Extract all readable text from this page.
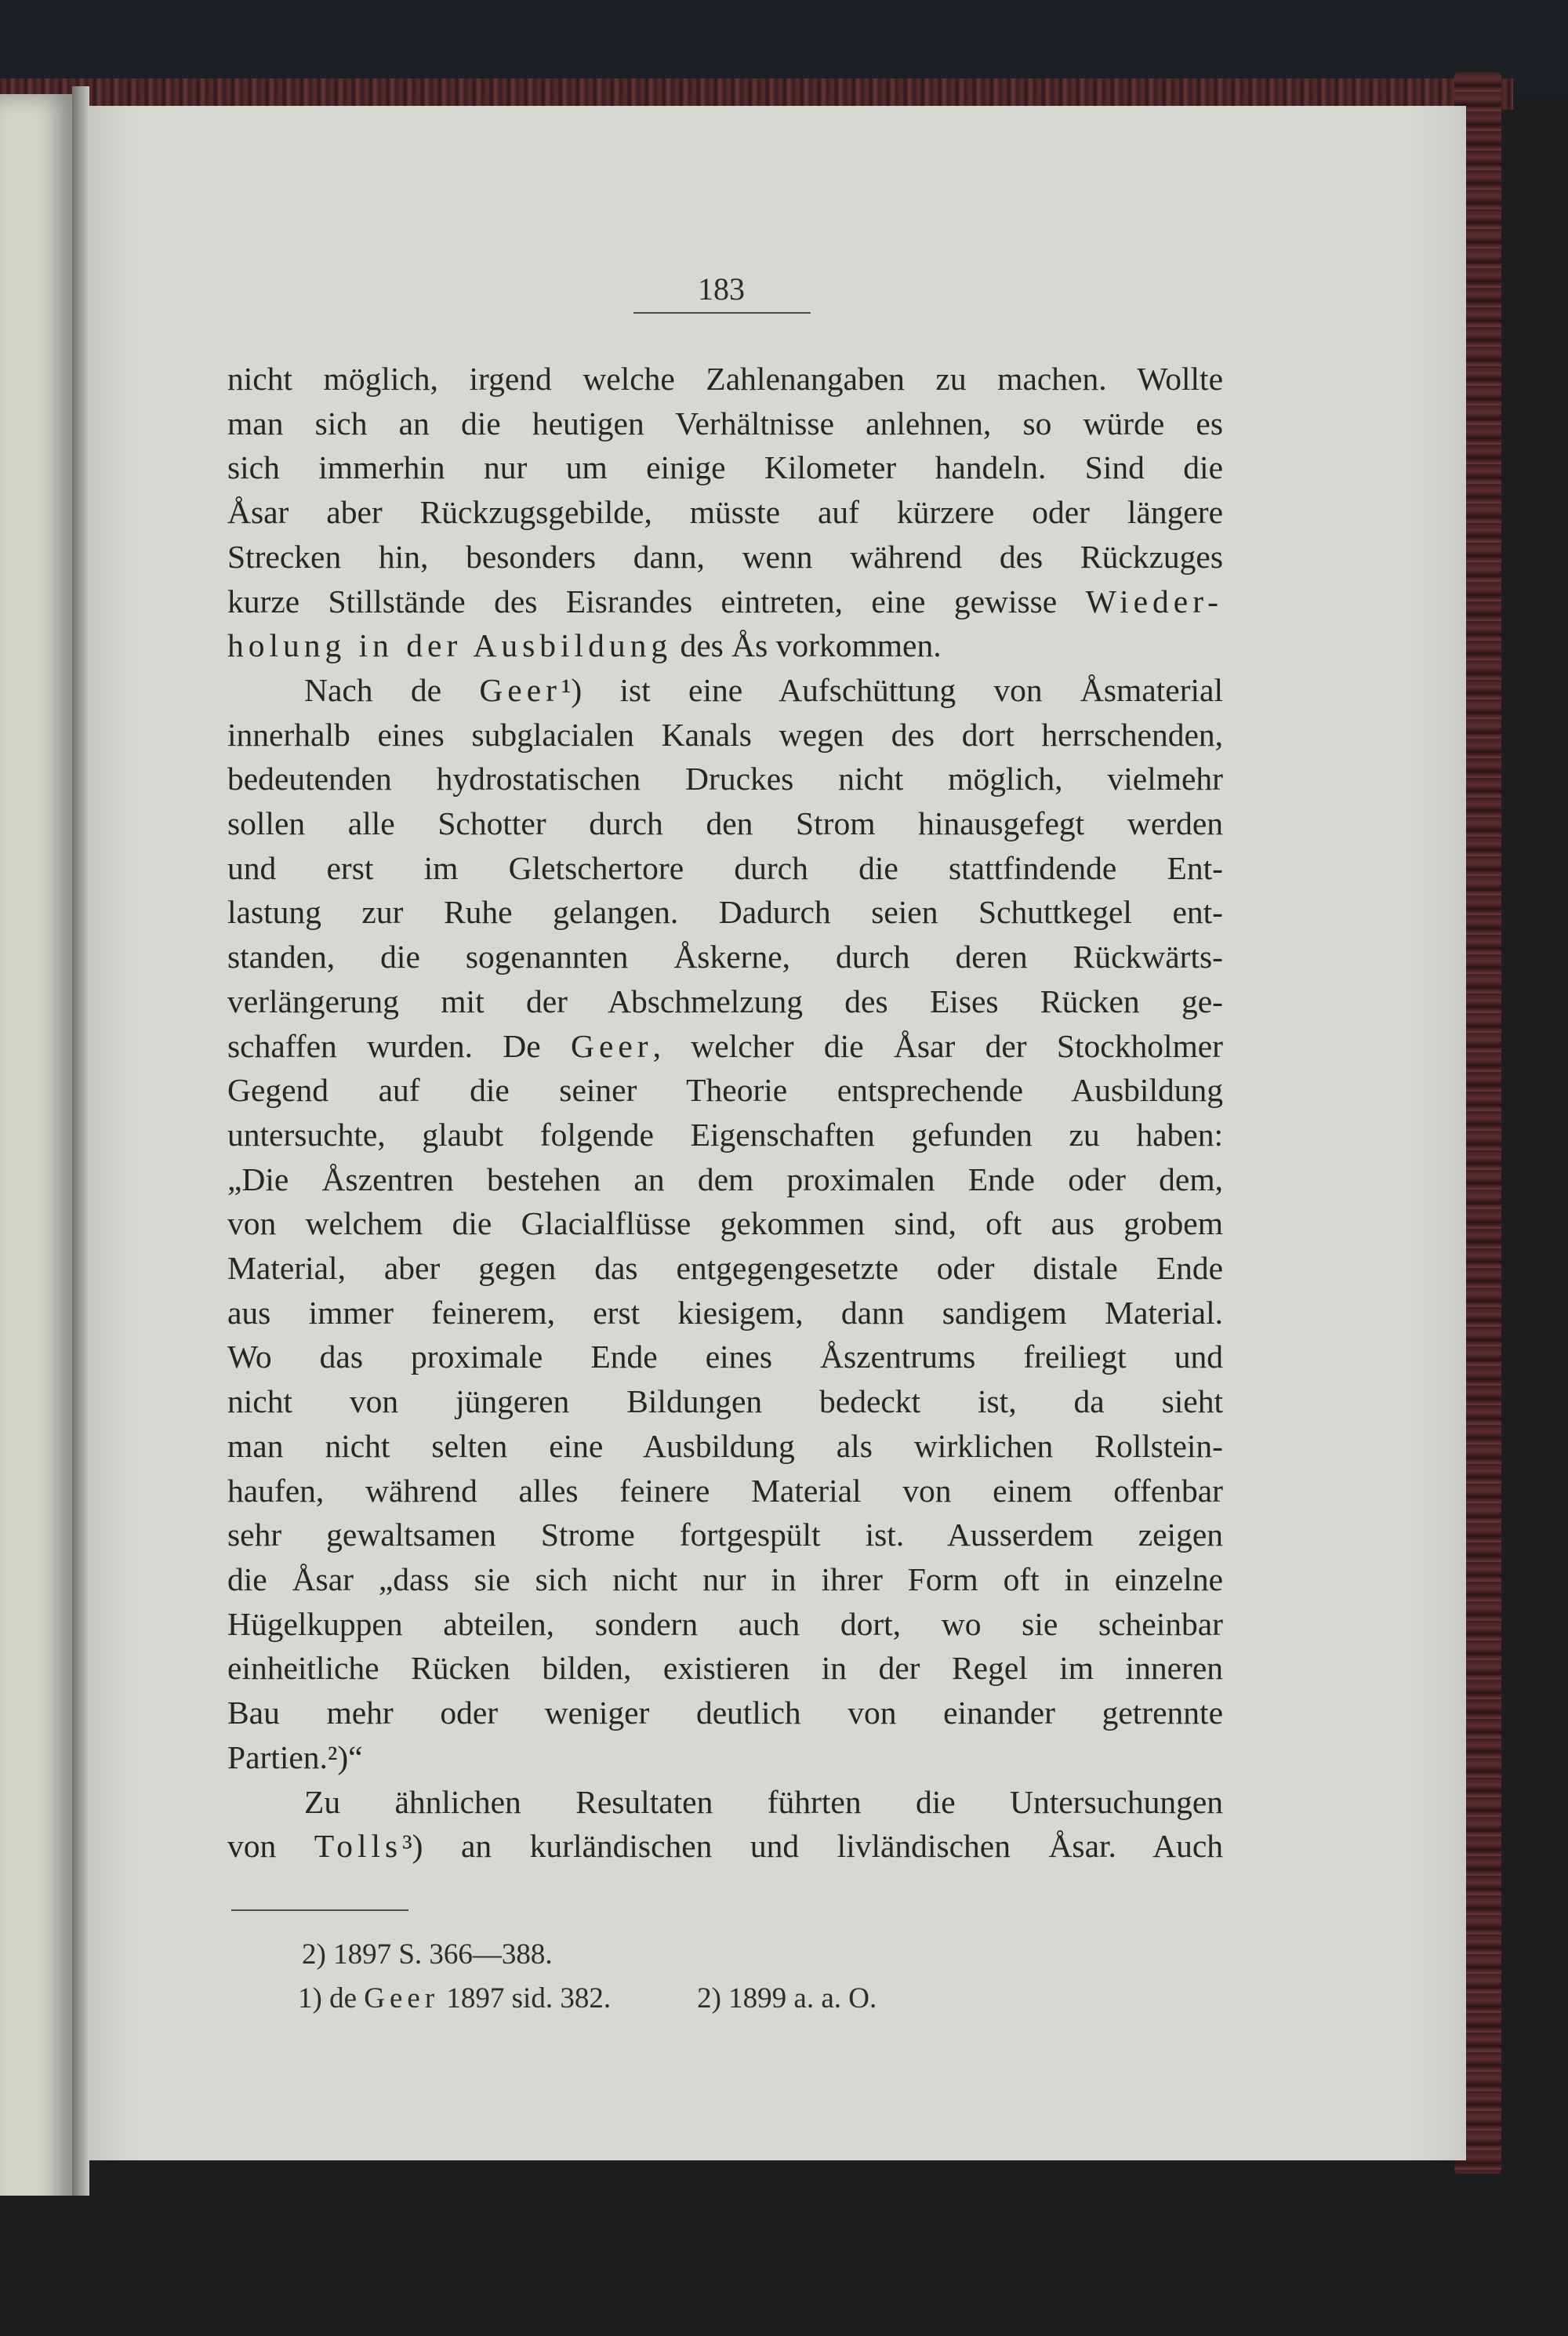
183
nicht möglich, irgend welche Zahlenangaben zu machen. Wollte
man sich an die heutigen Verhältnisse anlehnen, so würde es
sich immerhin nur um einige Kilometer handeln. Sind die
Åsar aber Rückzugsgebilde, müsste auf kürzere oder längere
Strecken hin, besonders dann, wenn während des Rückzuges
kurze Stillstände des Eisrandes eintreten, eine gewisse Wieder-
holung in der Ausbildung des Ås vorkommen.
Nach de Geer¹) ist eine Aufschüttung von Åsmaterial
innerhalb eines subglacialen Kanals wegen des dort herrschenden,
bedeutenden hydrostatischen Druckes nicht möglich, vielmehr
sollen alle Schotter durch den Strom hinausgefegt werden
und erst im Gletschertore durch die stattfindende Ent-
lastung zur Ruhe gelangen. Dadurch seien Schuttkegel ent-
standen, die sogenannten Åskerne, durch deren Rückwärts-
verlängerung mit der Abschmelzung des Eises Rücken ge-
schaffen wurden. De Geer, welcher die Åsar der Stockholmer
Gegend auf die seiner Theorie entsprechende Ausbildung
untersuchte, glaubt folgende Eigenschaften gefunden zu haben:
„Die Åszentren bestehen an dem proximalen Ende oder dem,
von welchem die Glacialflüsse gekommen sind, oft aus grobem
Material, aber gegen das entgegengesetzte oder distale Ende
aus immer feinerem, erst kiesigem, dann sandigem Material.
Wo das proximale Ende eines Åszentrums freiliegt und
nicht von jüngeren Bildungen bedeckt ist, da sieht
man nicht selten eine Ausbildung als wirklichen Rollstein-
haufen, während alles feinere Material von einem offenbar
sehr gewaltsamen Strome fortgespült ist. Ausserdem zeigen
die Åsar „dass sie sich nicht nur in ihrer Form oft in einzelne
Hügelkuppen abteilen, sondern auch dort, wo sie scheinbar
einheitliche Rücken bilden, existieren in der Regel im inneren
Bau mehr oder weniger deutlich von einander getrennte
Partien.²)“
Zu ähnlichen Resultaten führten die Untersuchungen
von Tolls³) an kurländischen und livländischen Åsar. Auch
2) 1897 S. 366—388.
1) de Geer 1897 sid. 382.	2) 1899 a. a. O.
